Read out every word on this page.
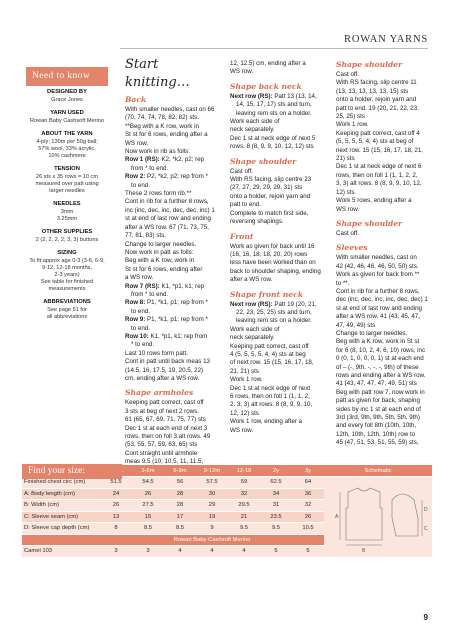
ROWAN YARNS
Need to know
DESIGNED BY
Grace Jones
YARN USED
Rowan Baby Cashsoft Merino
ABOUT THE YARN
4-ply; 130m per 50g ball;
57% wool, 33% acrylic,
10% cashmere
TENSION
26 sts x 35 rows = 10 cm
measured over patt using
larger needles
NEEDLES
3mm
3.25mm
OTHER SUPPLIES
2 (2, 2, 2, 2, 3, 3) buttons
SIZING
To fit approx age 0-3 (3-6, 6-9,
9-12, 12-18 months,
2-3 years)
See table for finished
measurements
ABBREVIATIONS
See page 51 for
all abbreviations
Start knitting…
Back
With smaller needles, cast on 66
(70, 74, 74, 78, 82, 82) sts.
**Beg with a K row, work in
St st for 6 rows, ending after a
WS row.
Now work in rib as folls:
Row 1 (RS): K2, *k2, p2; rep
from * to end.
Row 2: P2, *k2, p2; rep from *
to end.
These 2 rows form rib.**
Cont in rib for a further 8 rows,
inc (inc, dec, inc, dec, dec, inc) 1
st at end of last row and ending
after a WS row. 67 (71, 73, 75,
77, 81, 83) sts.
Change to larger needles.
Now work in patt as folls:
Beg with a K row, work in
St st for 6 rows, ending after
a WS row.
Row 7 (RS): K1, *p1, k1; rep
from * to end.
Row 8: P1, *k1, p1; rep from *
to end.
Row 9: P1, *k1, p1; rep from *
to end.
Row 10: K1, *p1, k1; rep from
* to end.
Last 10 rows form patt.
Cont in patt until back meas 13
(14.5, 16, 17.5, 19, 20.5, 22)
cm, ending after a WS row.
Shape armholes
Keeping patt correct, cast off
3 sts at beg of next 2 rows.
61 (65, 67, 69, 71, 75, 77) sts
Dec 1 st at each end of next 3
rows, then on foll 3 alt rows. 49
(53, 55, 57, 59, 63, 65) sts
Cont straight until armhole
meas 9.5 (10, 10.5, 11, 11.5,
12, 12.5) cm, ending after a
WS row.
Shape back neck
Next row (RS): Patt 13 (13, 14,
14, 15, 17, 17) sts and turn,
leaving rem sts on a holder.
Work each side of
neck separately.
Dec 1 st at neck edge of next 5
rows. 8 (8, 9, 9, 10, 12, 12) sts
Shape shoulder
Cast off.
With RS facing, slip centre 23
(27, 27, 29, 29, 29, 31) sts
onto a holder, rejoin yarn and
patt to end.
Complete to match first side,
reversing shapings.
Front
Work as given for back until 16
(16, 16, 18, 18, 20, 20) rows
less have been worked than on
back to shoulder shaping, ending
after a WS row.
Shape front neck
Next row (RS): Patt 19 (20, 21,
22, 23, 25, 25) sts and turn,
leaving rem sts on a holder.
Work each side of
neck separately.
Keeping patt correct, cast off
4 (5, 5, 5, 5, 4, 4) sts at beg
of next row. 15 (15, 16, 17, 18,
21, 21) sts
Work 1 row.
Dec 1 st at neck edge of next
6 rows, then on foll 1 (1, 1, 2,
2, 3, 3) alt rows. 8 (8, 9, 9, 10,
12, 12) sts
Work 1 row, ending after a
WS row.
Shape shoulder
Cast off.
With RS facing, slip centre 11
(13, 13, 13, 13, 13, 15) sts
onto a holder, rejoin yarn and
patt to end. 19 (20, 21, 22, 23,
25, 25) sts
Work 1 row.
Keeping patt correct, cast off 4
(5, 5, 5, 5, 4, 4) sts at beg of
next row. 15 (15, 16, 17, 18, 21,
21) sts
Dec 1 st at neck edge of next 6
rows, then on foll 1 (1, 1, 2, 2,
3, 3) alt rows. 8 (8, 9, 9, 10, 12,
12) sts
Work 5 rows, ending after a
WS row.
Shape shoulder
Cast off.
Sleeves
With smaller needles, cast on
42 (42, 46, 46, 46, 50, 50) sts.
Work as given for back from **
to **.
Cont in rib for a further 8 rows,
dec (inc, dec, inc, inc, dec, dec) 1
st at end of last row and ending
after a WS row. 41 (43, 45, 47,
47, 49, 49) sts
Change to larger needles.
Beg with a K row, work in St st
for 6 (8, 10, 2, 4, 6, 10) rows, inc
0 (0, 1, 0, 0, 0, 1) st at each end
of – (-, 9th, -, -, -, 9th) of these
rows and ending after a WS row.
41 (43, 47, 47, 47, 49, 51) sts
Beg with patt row 7, now work in
patt as given for back, shaping
sides by inc 1 st at each end of
3rd (3rd, 9th, 9th, 5th, 5th, 9th)
and every foll 8th (10th, 10th,
12th, 10th, 12th, 10th) row to
45 (47, 51, 53, 51, 55, 59) sts,
		3-6m	6-9m	9-12m	12-18	2y	3y	Schematic
Finished chest circ (cm)	51.5	54.5	56	57.5	59	62.5	64	A
B
C
D

A: Body length (cm)	24	26	28	30	32	34	36	
B: Width (cm)	26	27.5	28	29	29.5	31	32	
C: Sleeve seam (cm)	13	15	17	19	21	23.5	26	
D: Sleeve cap depth (cm)	8	8.5	8.5	9	9.5	9.5	10.5	
	Rowan Baby Cashsoft Merino							
Camel 103	3	3	4	4	4	5	5	
Find your size:
9
